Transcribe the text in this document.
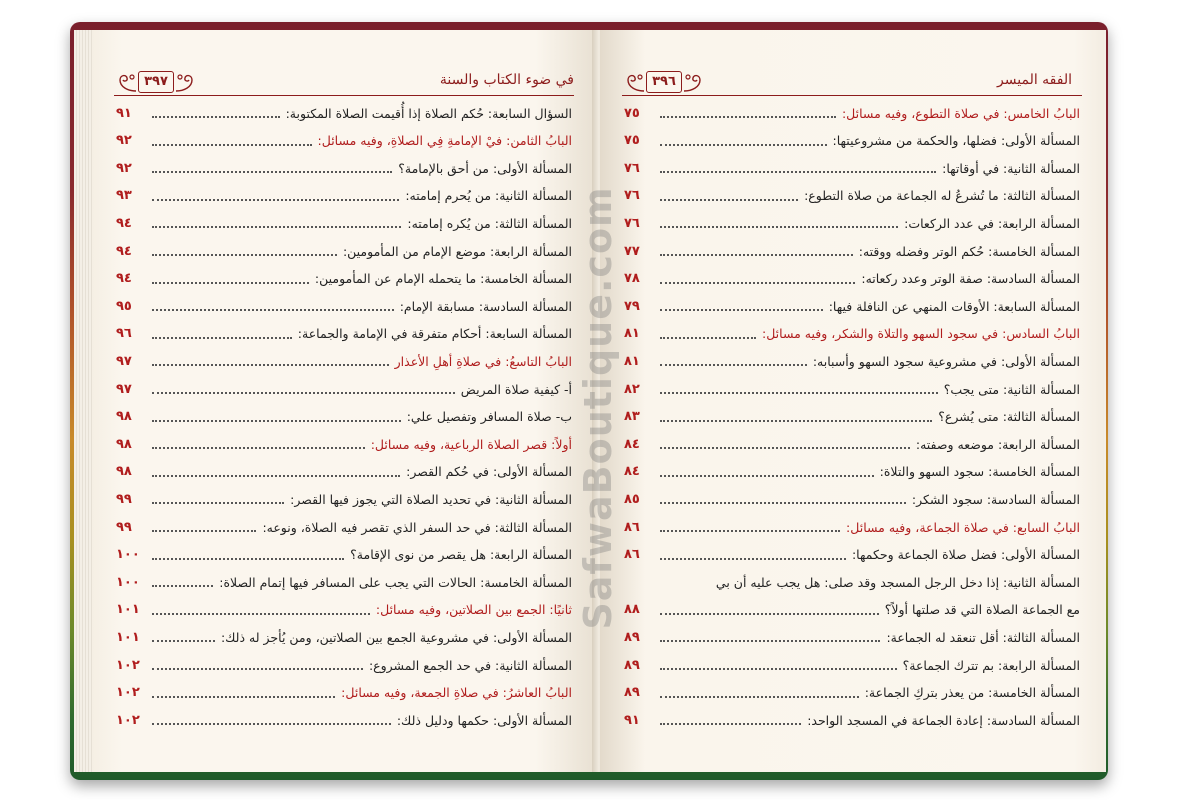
في ضوء الكتاب والسنة
٣٩٧
السؤال السابعة: حُكم الصلاة إذا أُقيمت الصلاة المكتوبة:
٩١
البابُ الثامن: فيْ الإمامةِ فِي الصلاةِ، وفيه مسائل:
٩٢
المسألة الأولى: من أحق بالإمامة؟
٩٢
المسألة الثانية: من يُحرم إمامته:
٩٣
المسألة الثالثة: من يُكره إمامته:
٩٤
المسألة الرابعة: موضع الإمام من المأمومين:
٩٤
المسألة الخامسة: ما يتحمله الإمام عن المأمومين:
٩٤
المسألة السادسة: مسابقة الإمام:
٩٥
المسألة السابعة: أحكام متفرقة في الإمامة والجماعة:
٩٦
البابُ التاسعُ: في صلاةِ أهلِ الأعذار
٩٧
أ- كيفية صلاة المريض
٩٧
ب- صلاة المسافر وتفصيل علي:
٩٨
أولاً: قصر الصلاة الرباعية، وفيه مسائل:
٩٨
المسألة الأولى: في حُكم القصر:
٩٨
المسألة الثانية: في تحديد الصلاة التي يجوز فيها القصر:
٩٩
المسألة الثالثة: في حد السفر الذي تقصر فيه الصلاة، ونوعه:
٩٩
المسألة الرابعة: هل يقصر من نوى الإقامة؟
١٠٠
المسألة الخامسة: الحالات التي يجب على المسافر فيها إتمام الصلاة:
١٠٠
ثانيًا: الجمع بين الصلاتين، وفيه مسائل:
١٠١
المسألة الأولى: في مشروعية الجمع بين الصلاتين، ومن يُأجز له ذلك:
١٠١
المسألة الثانية: في حد الجمع المشروع:
١٠٢
البابُ العاشرُ: في صلاةِ الجمعة، وفيه مسائل:
١٠٢
المسألة الأولى: حكمها ودليل ذلك:
١٠٢
الفقه الميسر
٣٩٦
البابُ الخامس: في صلاة التطوع، وفيه مسائل:
٧٥
المسألة الأولى: فضلها، والحكمة من مشروعيتها:
٧٥
المسألة الثانية: في أوقاتها:
٧٦
المسألة الثالثة: ما تُشرعُ له الجماعة من صلاة التطوع:
٧٦
المسألة الرابعة: في عدد الركعات:
٧٦
المسألة الخامسة: حُكم الوتر وفضله ووقته:
٧٧
المسألة السادسة: صفة الوتر وعدد ركعاته:
٧٨
المسألة السابعة: الأوقات المنهي عن النافلة فيها:
٧٩
البابُ السادس: في سجود السهو والتلاة والشكر، وفيه مسائل:
٨١
المسألة الأولى: في مشروعية سجود السهو وأسبابه:
٨١
المسألة الثانية: متى يجب؟
٨٢
المسألة الثالثة: متى يُشرع؟
٨٣
المسألة الرابعة: موضعه وصفته:
٨٤
المسألة الخامسة: سجود السهو والتلاة:
٨٤
المسألة السادسة: سجود الشكر:
٨٥
البابُ السابع: في صلاة الجماعة، وفيه مسائل:
٨٦
المسألة الأولى: فضل صلاة الجماعة وحكمها:
٨٦
المسألة الثانية: إذا دخل الرجل المسجد وقد صلى: هل يجب عليه أن بي
مع الجماعة الصلاة التي قد صلتها أولاً؟
٨٨
المسألة الثالثة: أقل تنعقد له الجماعة:
٨٩
المسألة الرابعة: بم تترك الجماعة؟
٨٩
المسألة الخامسة: من يعذر بتركِ الجماعة:
٨٩
المسألة السادسة: إعادة الجماعة في المسجد الواحد:
٩١
SafwaBoutique.com
